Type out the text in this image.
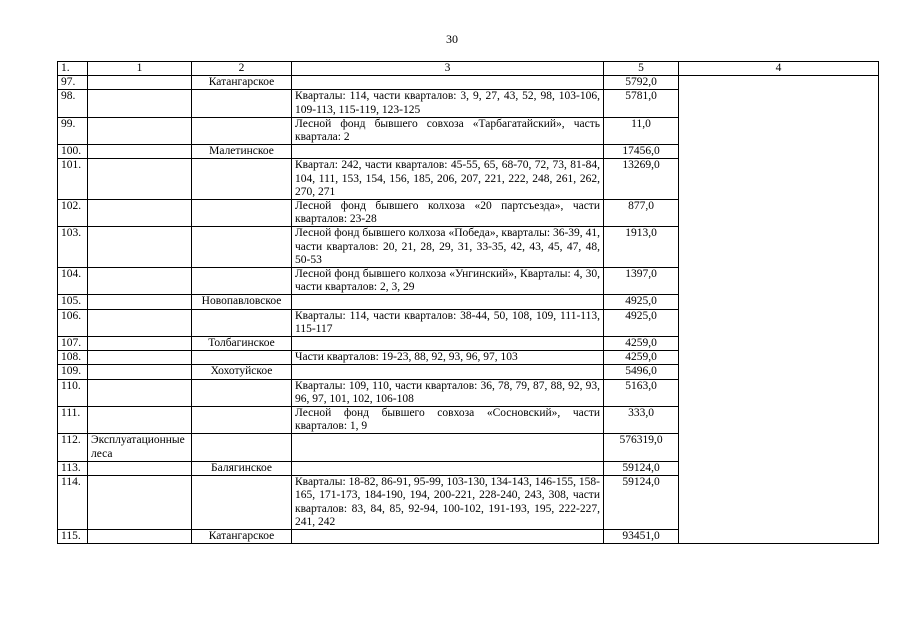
30
1.	1	2	3	5	4
97.		Катангарское		5792,0	
98.			Кварталы: 114, части кварталов: 3, 9, 27, 43, 52, 98, 103-106, 109-113, 115-119, 123-125	5781,0	
99.			Лесной фонд бывшего совхоза «Тарбагатайский», часть квартала: 2	11,0	
100.		Малетинское		17456,0	
101.			Квартал: 242, части кварталов: 45-55, 65, 68-70, 72, 73, 81-84, 104, 111, 153, 154, 156, 185, 206, 207, 221, 222, 248, 261, 262, 270, 271	13269,0	
102.			Лесной фонд бывшего колхоза «20 партсъезда», части кварталов: 23-28	877,0	
103.			Лесной фонд бывшего колхоза «Победа», кварталы: 36-39, 41, части кварталов: 20, 21, 28, 29, 31, 33-35, 42, 43, 45, 47, 48, 50-53	1913,0	
104.			Лесной фонд бывшего колхоза «Унгинский», Кварталы: 4, 30, части кварталов: 2, 3, 29	1397,0	
105.		Новопавловское		4925,0	
106.			Кварталы: 114, части кварталов: 38-44, 50, 108, 109, 111-113, 115-117	4925,0	
107.		Толбагинское		4259,0	
108.			Части кварталов: 19-23, 88, 92, 93, 96, 97, 103	4259,0	
109.		Хохотуйское		5496,0	
110.			Кварталы: 109, 110, части кварталов: 36, 78, 79, 87, 88, 92, 93, 96, 97, 101, 102, 106-108	5163,0	
111.			Лесной фонд бывшего совхоза «Сосновский», части кварталов: 1, 9	333,0	
112.	Эксплуатационные леса			576319,0	
113.		Балягинское		59124,0	
114.			Кварталы: 18-82, 86-91, 95-99, 103-130, 134-143, 146-155, 158-165, 171-173, 184-190, 194, 200-221, 228-240, 243, 308, части кварталов: 83, 84, 85, 92-94, 100-102, 191-193, 195, 222-227, 241, 242	59124,0	
115.		Катангарское		93451,0	
